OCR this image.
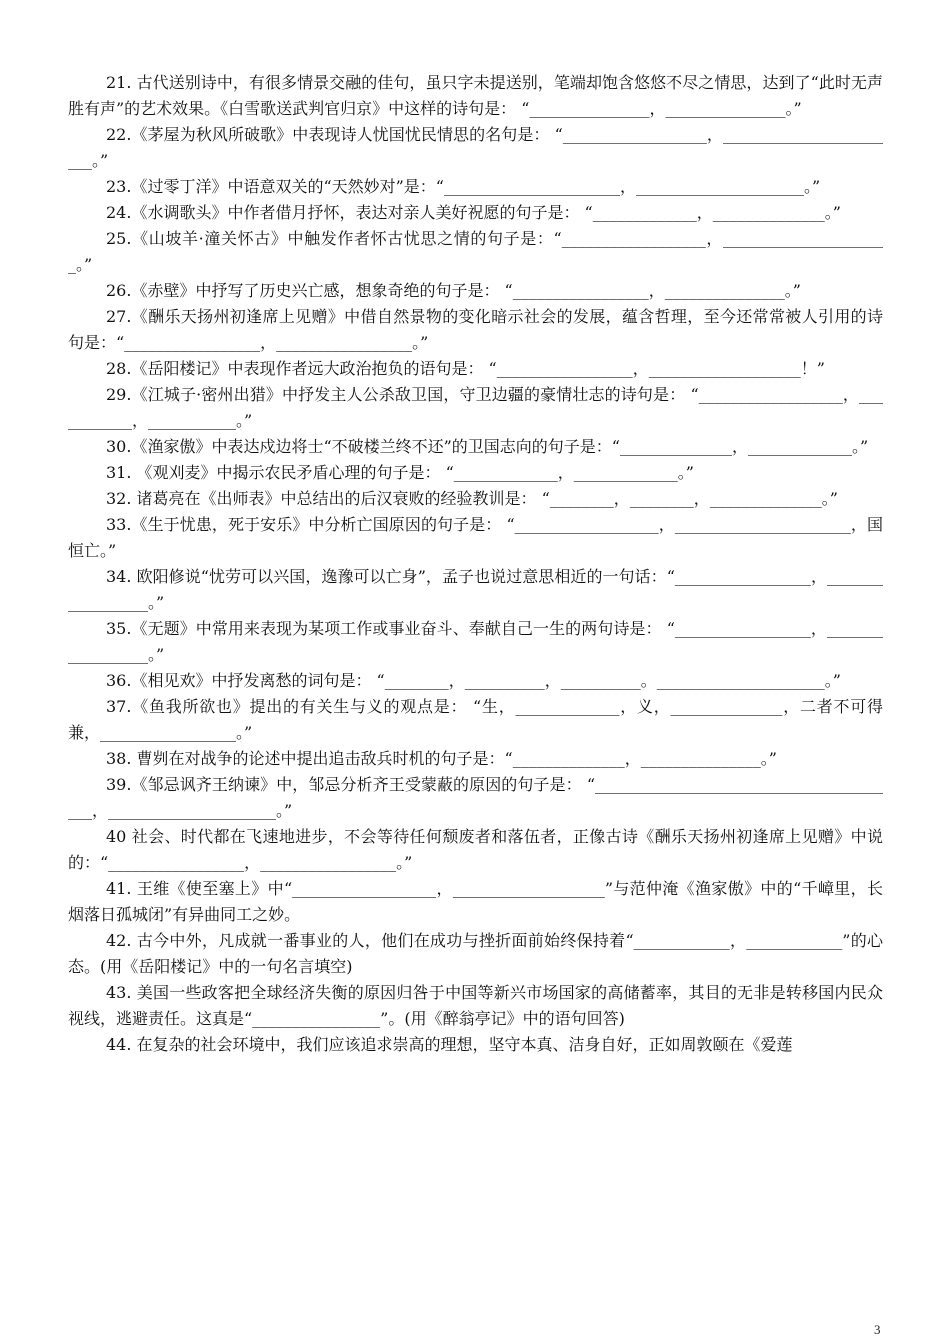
21. 古代送别诗中，有很多情景交融的佳句，虽只字未提送别，笔端却饱含悠悠不尽之情思，达到了“此时无声胜有声”的艺术效果。《白雪歌送武判官归京》中这样的诗句是： “_______________，_______________。”

22.《茅屋为秋风所破歌》中表现诗人忧国忧民情思的名句是： “__________________，_______________________。”

23.《过零丁洋》中语意双关的“天然妙对”是：“______________________，_____________________。”

24.《水调歌头》中作者借月抒怀，表达对亲人美好祝愿的句子是： “_____________，______________。”

25.《山坡羊·潼关怀古》中触发作者怀古忧思之情的句子是：“__________________，_____________________。”

26.《赤壁》中抒写了历史兴亡感，想象奇绝的句子是： “_________________，_______________。”

27.《酬乐天扬州初逢席上见赠》中借自然景物的变化暗示社会的发展，蕴含哲理，至今还常常被人引用的诗句是：“_________________，_________________。”

28.《岳阳楼记》中表现作者远大政治抱负的语句是： “_________________，___________________！”

29.《江城子·密州出猎》中抒发主人公杀敌卫国，守卫边疆的豪情壮志的诗句是： “__________________，___________，___________。”

30.《渔家傲》中表达戍边将士“不破楼兰终不还”的卫国志向的句子是：“______________，_____________。”

31. 《观刈麦》中揭示农民矛盾心理的句子是： “_____________，_____________。”

32. 诸葛亮在《出师表》中总结出的后汉衰败的经验教训是： “________，________，______________。”

33.《生于忧患，死于安乐》中分析亡国原因的句子是： “__________________，______________________，国恒亡。”

34. 欧阳修说“忧劳可以兴国，逸豫可以亡身”，孟子也说过意思相近的一句话：“_________________，_________________。”

35.《无题》中常用来表现为某项工作或事业奋斗、奉献自己一生的两句诗是： “_________________，_________________。”

36.《相见欢》中抒发离愁的词句是： “________，__________，__________。_____________________。”

37.《鱼我所欲也》提出的有关生与义的观点是： “生，_____________，义，______________，二者不可得兼，_________________。”

38. 曹刿在对战争的论述中提出追击敌兵时机的句子是：“______________，_______________。”

39.《邹忌讽齐王纳谏》中，邹忌分析齐王受蒙蔽的原因的句子是： “_______________________________________，_____________________。”

40 社会、时代都在飞速地进步，不会等待任何颓废者和落伍者，正像古诗《酬乐天扬州初逢席上见赠》中说的：“_________________，_________________。”

41. 王维《使至塞上》中“__________________，___________________”与范仲淹《渔家傲》中的“千嶂里，长烟落日孤城闭”有异曲同工之妙。

42. 古今中外，凡成就一番事业的人，他们在成功与挫折面前始终保持着“____________，____________”的心态。(用《岳阳楼记》中的一句名言填空)

43. 美国一些政客把全球经济失衡的原因归咎于中国等新兴市场国家的高储蓄率，其目的无非是转移国内民众视线，逃避责任。这真是“________________”。(用《醉翁亭记》中的语句回答)

44. 在复杂的社会环境中，我们应该追求崇高的理想，坚守本真、洁身自好，正如周敦颐在《爱莲

3
